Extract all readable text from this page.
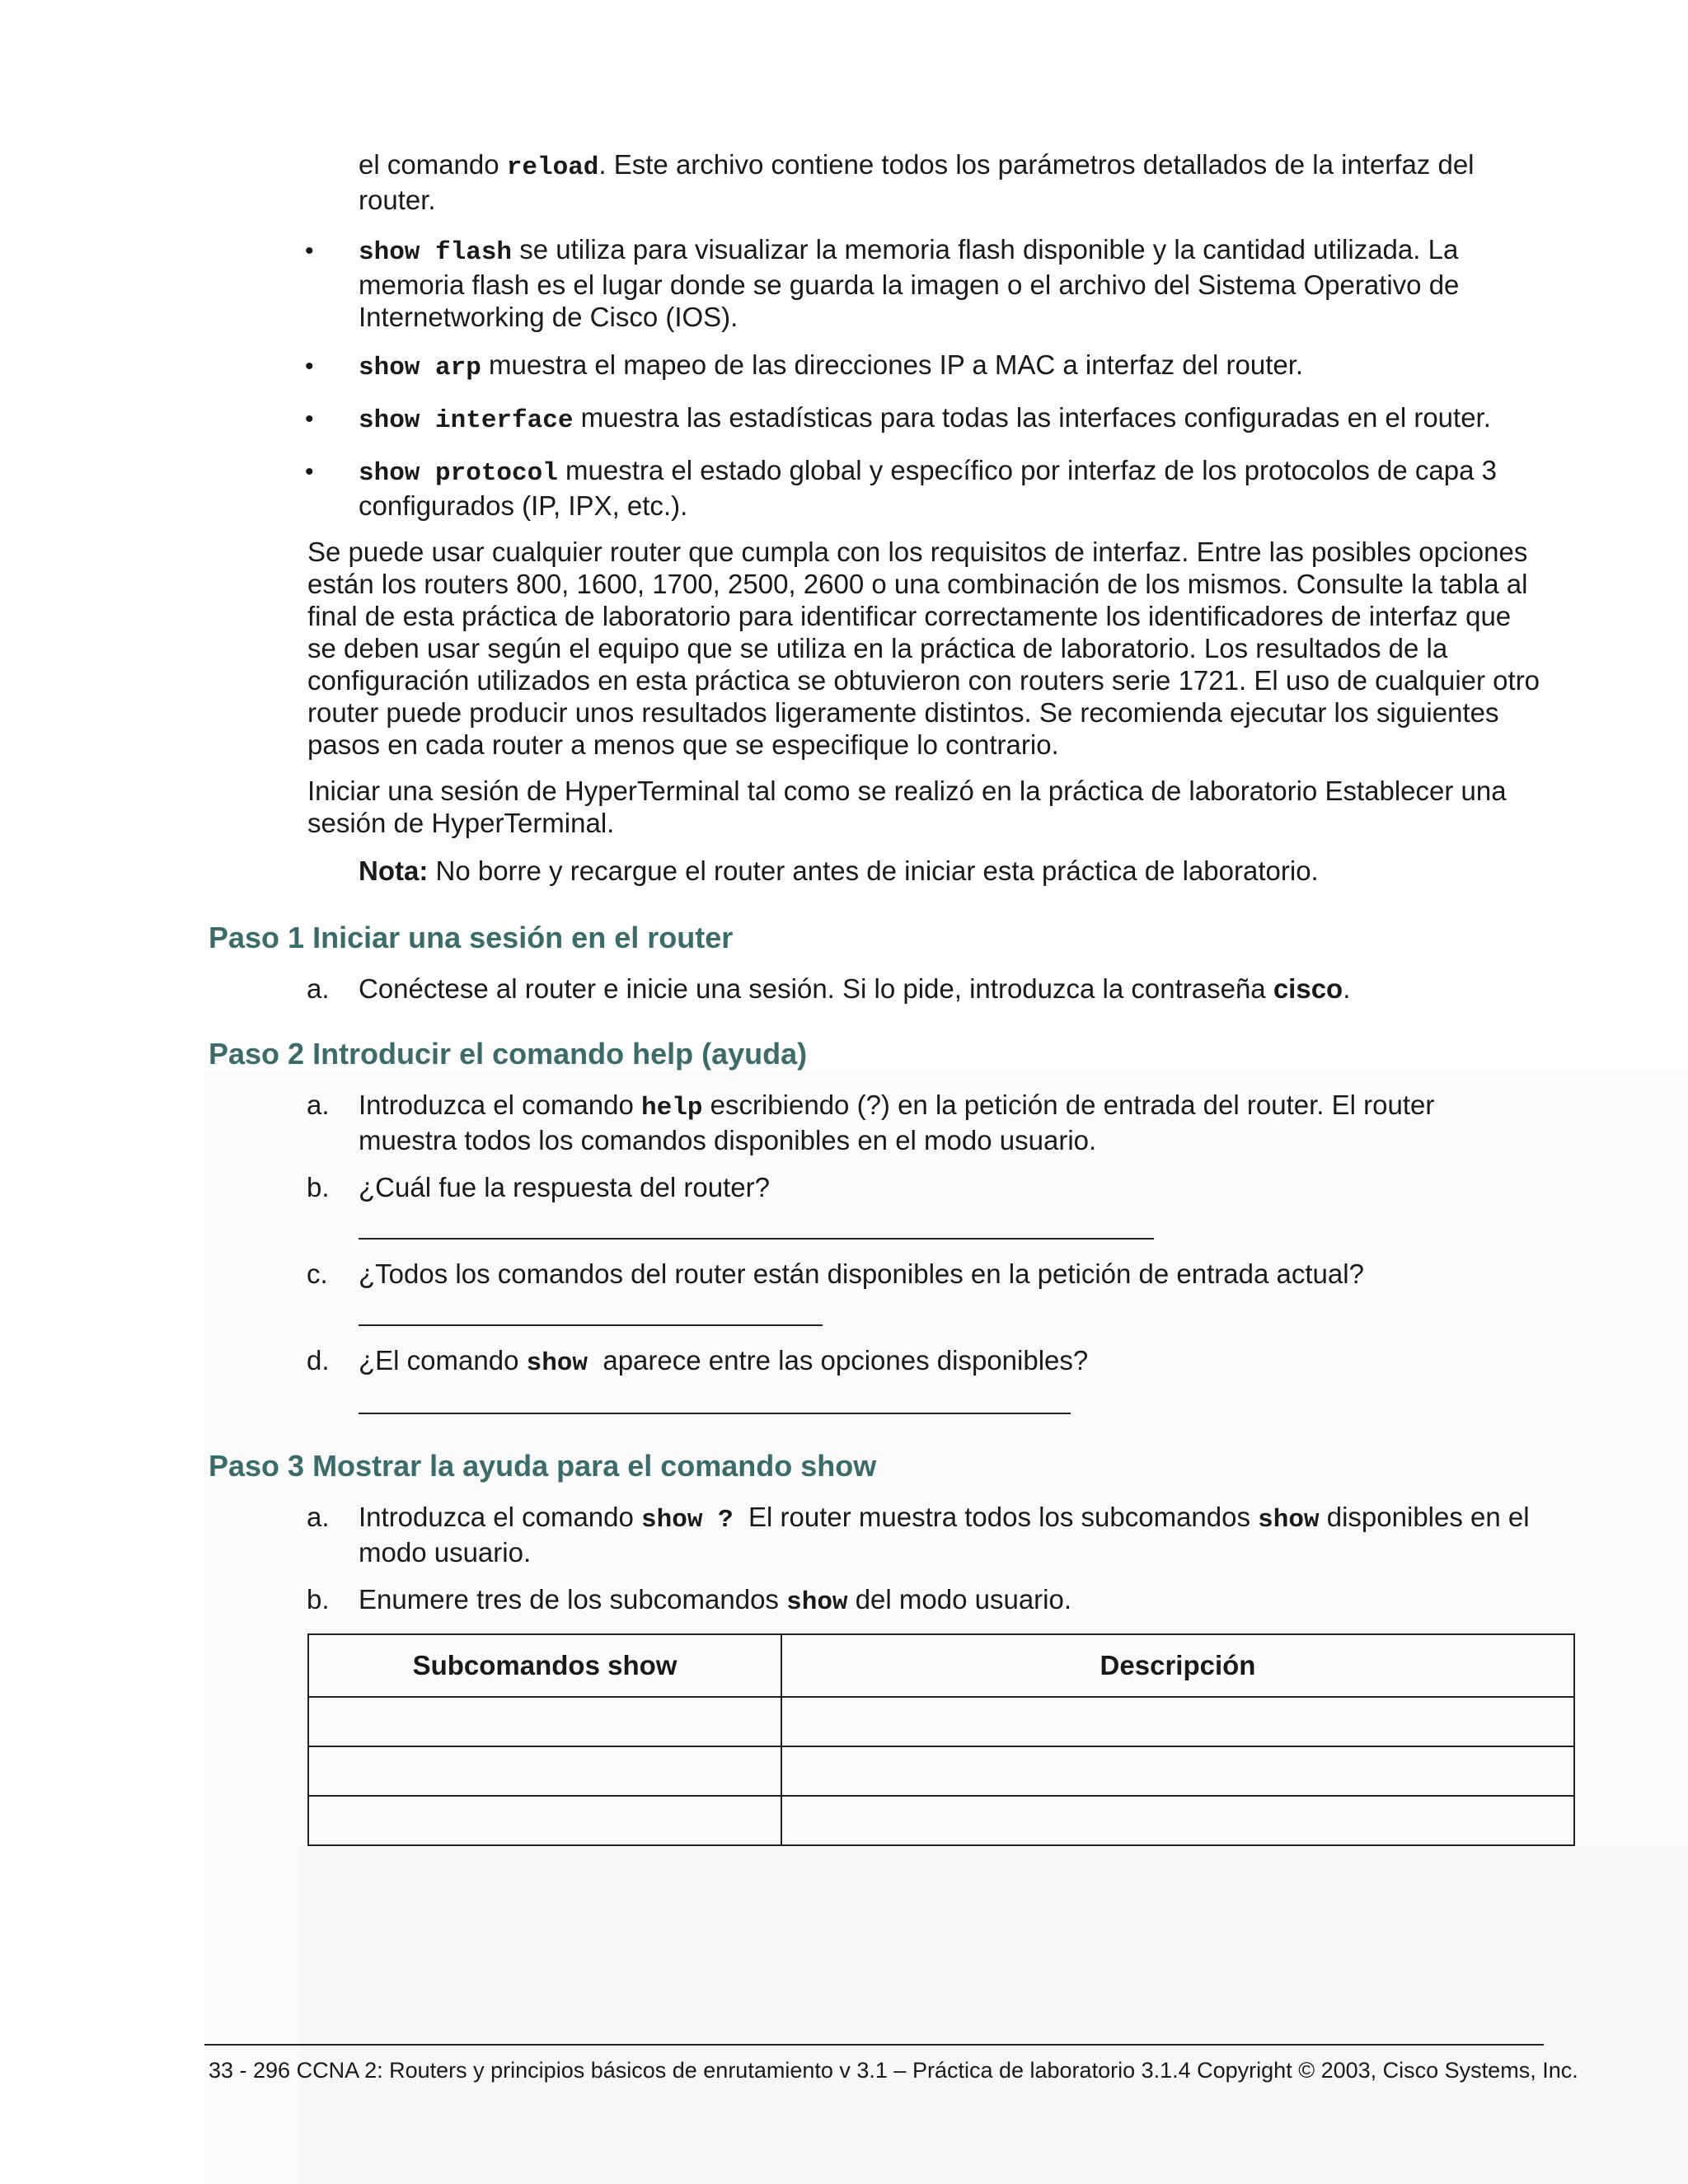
el comando reload. Este archivo contiene todos los parámetros detallados de la interfaz del router.
• show flash se utiliza para visualizar la memoria flash disponible y la cantidad utilizada. La memoria flash es el lugar donde se guarda la imagen o el archivo del Sistema Operativo de Internetworking de Cisco (IOS).
• show arp muestra el mapeo de las direcciones IP a MAC a interfaz del router.
• show interface muestra las estadísticas para todas las interfaces configuradas en el router.
• show protocol muestra el estado global y específico por interfaz de los protocolos de capa 3 configurados (IP, IPX, etc.).
Se puede usar cualquier router que cumpla con los requisitos de interfaz. Entre las posibles opciones están los routers 800, 1600, 1700, 2500, 2600 o una combinación de los mismos. Consulte la tabla al final de esta práctica de laboratorio para identificar correctamente los identificadores de interfaz que se deben usar según el equipo que se utiliza en la práctica de laboratorio. Los resultados de la configuración utilizados en esta práctica se obtuvieron con routers serie 1721. El uso de cualquier otro router puede producir unos resultados ligeramente distintos. Se recomienda ejecutar los siguientes pasos en cada router a menos que se especifique lo contrario.
Iniciar una sesión de HyperTerminal tal como se realizó en la práctica de laboratorio Establecer una sesión de HyperTerminal.
Nota: No borre y recargue el router antes de iniciar esta práctica de laboratorio.
Paso 1 Iniciar una sesión en el router
a. Conéctese al router e inicie una sesión. Si lo pide, introduzca la contraseña cisco.
Paso 2 Introducir el comando help (ayuda)
a. Introduzca el comando help escribiendo (?) en la petición de entrada del router. El router muestra todos los comandos disponibles en el modo usuario.
b. ¿Cuál fue la respuesta del router?
c. ¿Todos los comandos del router están disponibles en la petición de entrada actual?
d. ¿El comando show  aparece entre las opciones disponibles?
Paso 3 Mostrar la ayuda para el comando show
a. Introduzca el comando show ?  El router muestra todos los subcomandos show disponibles en el modo usuario.
b. Enumere tres de los subcomandos show del modo usuario.
Subcomandos show	Descripción

33 - 296 CCNA 2: Routers y principios básicos de enrutamiento v 3.1 – Práctica de laboratorio 3.1.4 Copyright © 2003, Cisco Systems, Inc.
